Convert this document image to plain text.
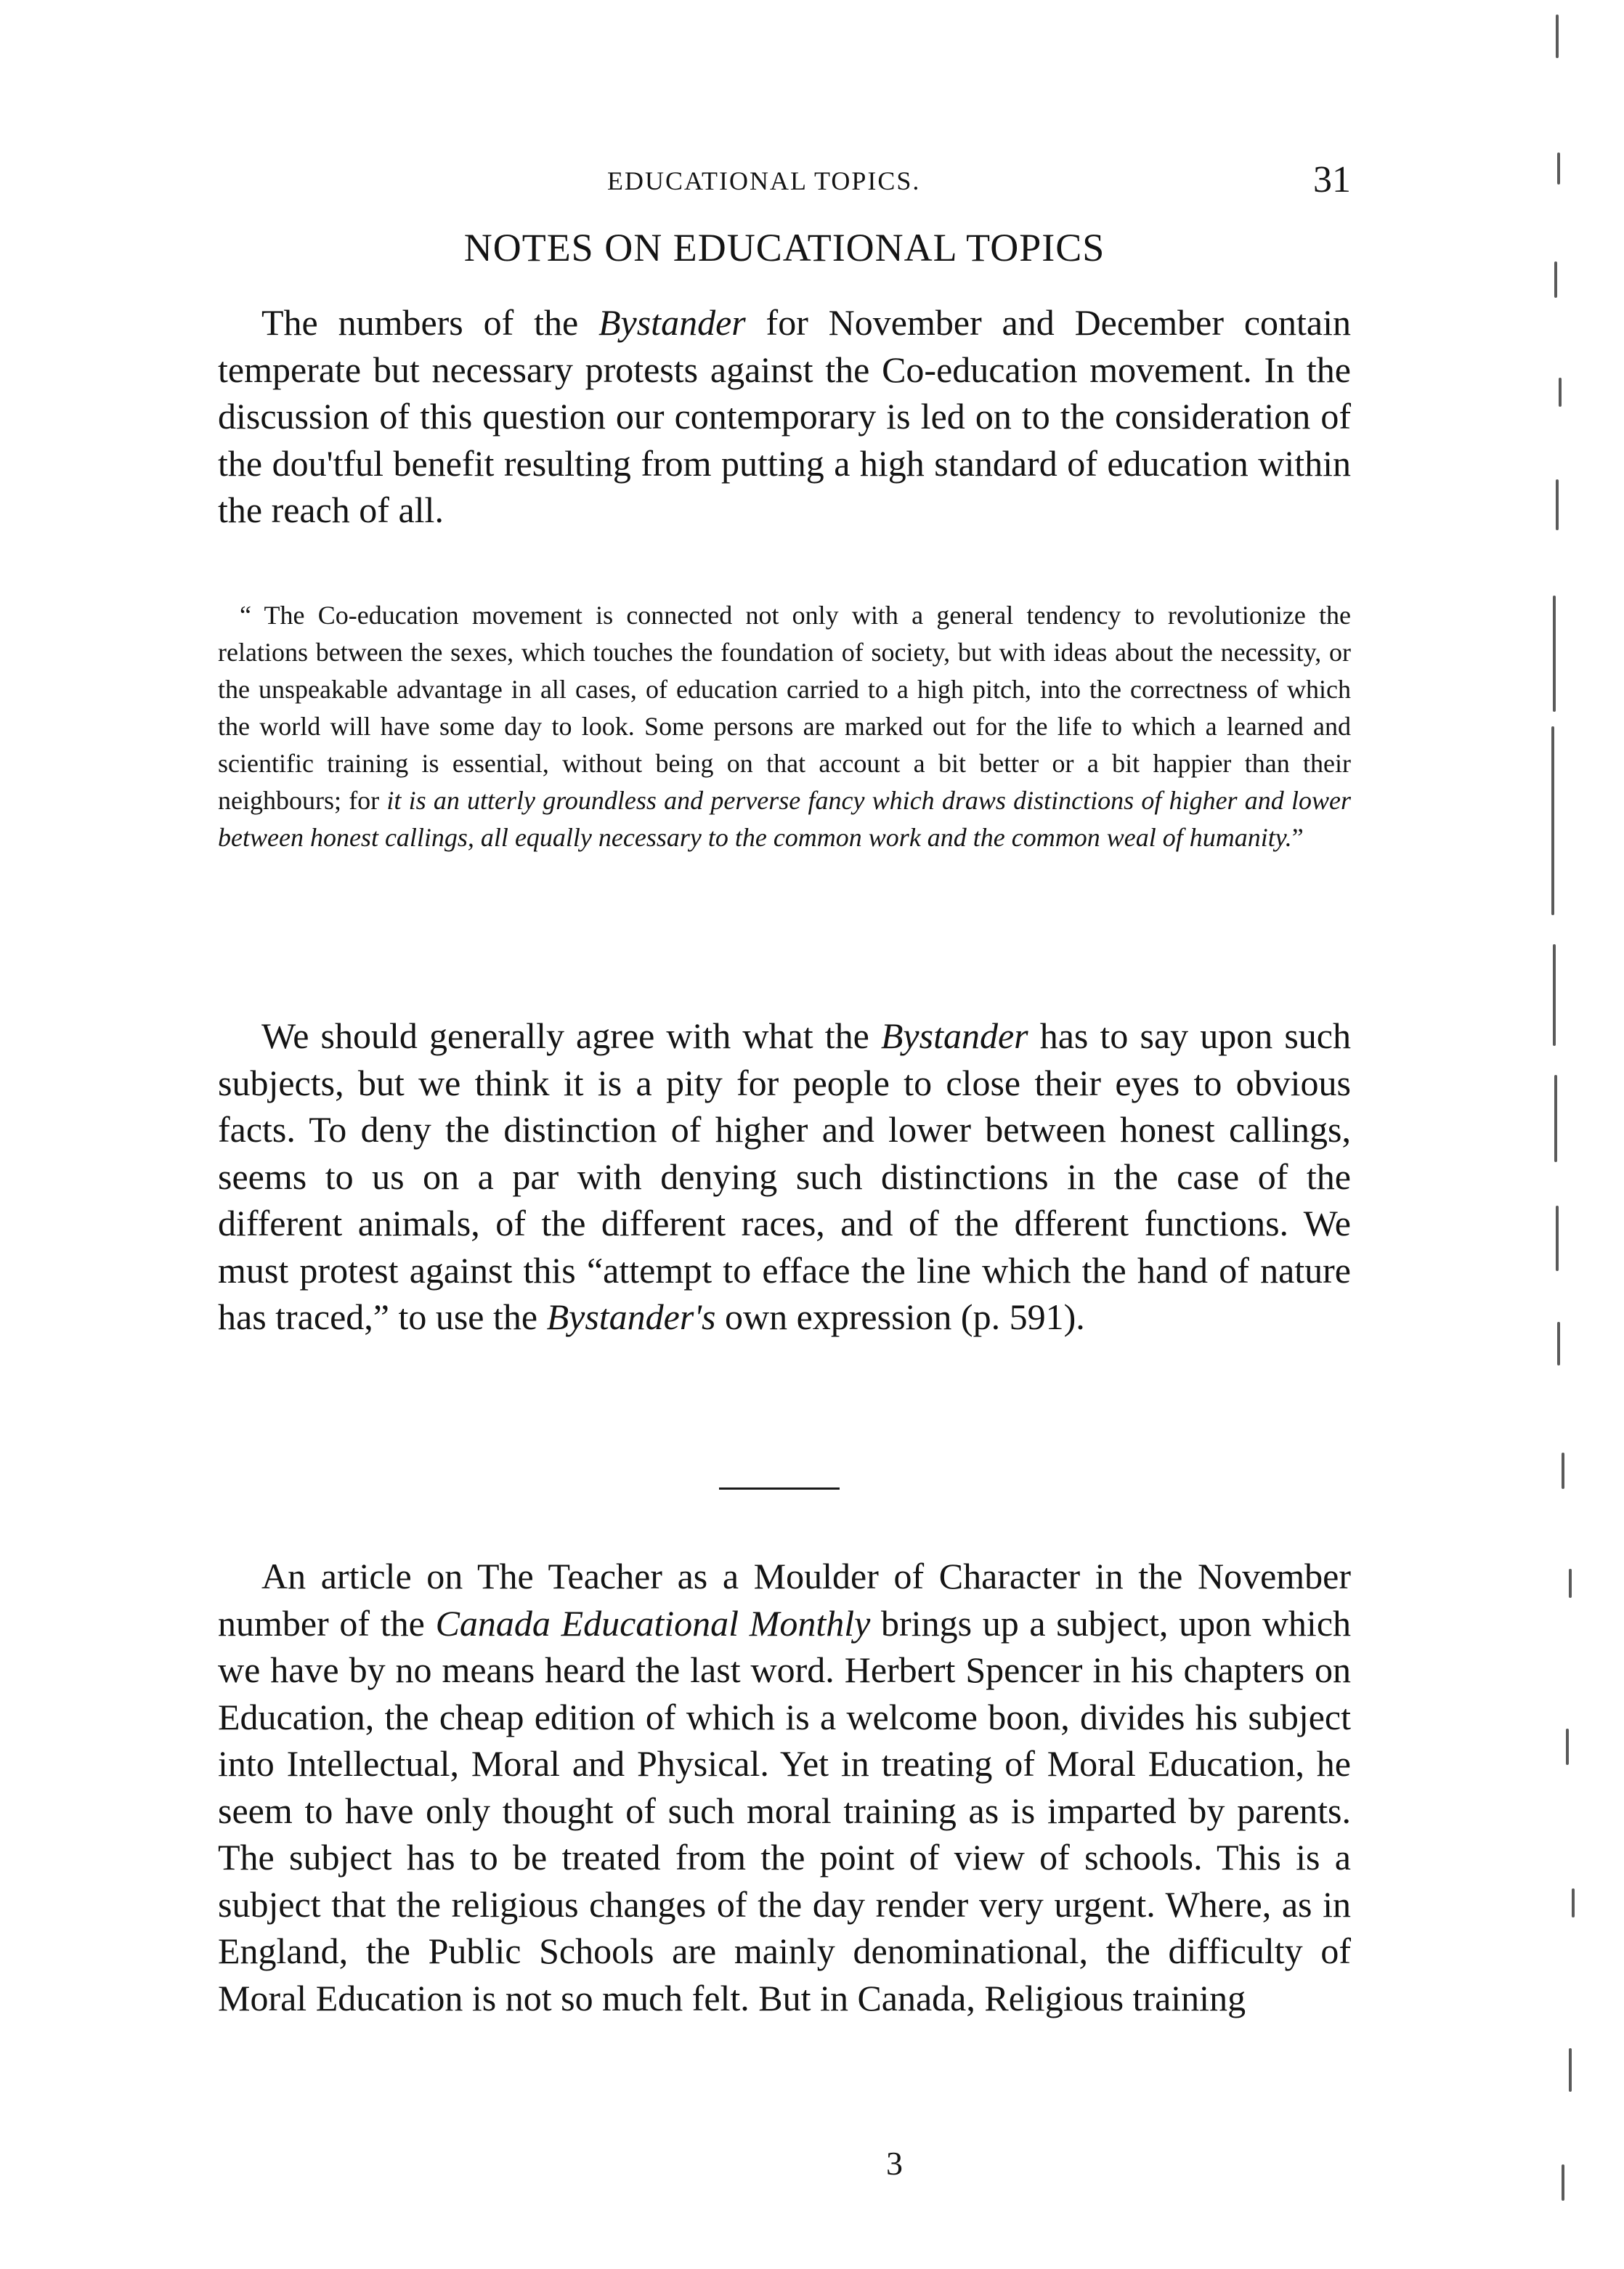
EDUCATIONAL TOPICS.	31
NOTES ON EDUCATIONAL TOPICS

The numbers of the Bystander for November and December contain temperate but necessary protests against the Co-education movement. In the discussion of this question our contemporary is led on to the consideration of the dou'tful benefit resulting from putting a high standard of education within the reach of all.

“ The Co-education movement is connected not only with a general tendency to revolutionize the relations between the sexes, which touches the foundation of society, but with ideas about the necessity, or the unspeakable advantage in all cases, of education carried to a high pitch, into the correctness of which the world will have some day to look. Some persons are marked out for the life to which a learned and scientific training is essential, without being on that account a bit better or a bit happier than their neighbours; for it is an utterly groundless and perverse fancy which draws distinctions of higher and lower between honest callings, all equally necessary to the common work and the common weal of humanity.”

We should generally agree with what the Bystander has to say upon such subjects, but we think it is a pity for people to close their eyes to obvious facts. To deny the distinction of higher and lower between honest callings, seems to us on a par with denying such distinctions in the case of the different animals, of the different races, and of the dfferent functions. We must protest against this “attempt to efface the line which the hand of nature has traced,” to use the Bystander's own expression (p. 591).

An article on The Teacher as a Moulder of Character in the November number of the Canada Educational Monthly brings up a subject, upon which we have by no means heard the last word. Herbert Spencer in his chapters on Education, the cheap edition of which is a welcome boon, divides his subject into Intellectual, Moral and Physical. Yet in treating of Moral Education, he seem to have only thought of such moral training as is imparted by parents. The subject has to be treated from the point of view of schools. This is a subject that the religious changes of the day render very urgent. Where, as in England, the Public Schools are mainly denominational, the difficulty of Moral Education is not so much felt. But in Canada, Religious training

3
